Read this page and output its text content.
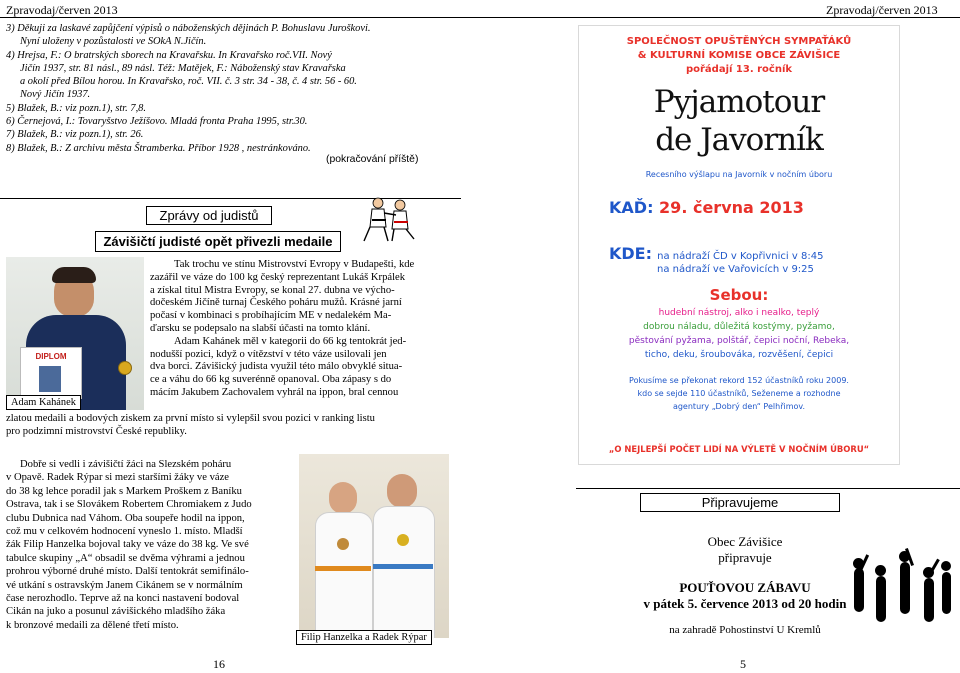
Zpravodaj/červen 2013	Zpravodaj/červen 2013
3) Děkuji za laskavé zapůjčení výpisů o náboženských dějinách P. Bohuslavu Juroškovi.
Nyní uloženy v pozůstalosti ve SOkA N.Jičín.
4) Hrejsa, F.: O bratrských sborech na Kravařsku. In Kravařsko roč.VII. Nový
Jičín 1937, str. 81 násl., 89 násl. Též: Matějek, F.: Náboženský stav Kravařska
a okolí před Bílou horou. In Kravařsko, roč. VII. č. 3 str. 34 - 38, č. 4 str. 56 - 60.
Nový Jičín 1937.
5) Blažek, B.: viz pozn.1), str. 7,8.
6) Černejová, I.: Tovaryšstvo Ježíšovo. Mladá fronta Praha 1995, str.30.
7) Blažek, B.: viz pozn.1), str. 26.
8) Blažek, B.: Z archivu města Štramberka. Příbor 1928 , nestránkováno.
(pokračování příště)
Zprávy od judistů
Závišičtí judisté opět přivezli medaile
DIPLOM
Adam Kahánek
Tak trochu ve stínu Mistrovství Evropy v Budapešti, kde
zazářil ve váze do 100 kg český reprezentant Lukáš Krpálek
a získal titul Mistra Evropy, se konal 27. dubna ve výcho-
dočeském Jičíně turnaj Českého poháru mužů. Krásné jarní
počasí v kombinaci s probíhajícím ME v nedalekém Ma-
ďarsku se podepsalo na slabší účasti na tomto klání.
Adam Kahánek měl v kategorii do 66 kg tentokrát jed-
nodušší pozici, když o vítězství v této váze usilovali jen
dva borci. Závišický judista využil této málo obvyklé situa-
ce a váhu do 66 kg suverénně opanoval. Oba zápasy s do
mácím Jakubem Zachovalem vyhrál na ippon, bral cennou
zlatou medaili a bodových ziskem za první místo si vylepšil svou pozici v ranking listu
pro podzimní mistrovství České republiky.
Dobře si vedli i závišičtí žáci na Slezském poháru
v Opavě. Radek Rýpar si mezi staršími žáky ve váze
do 38 kg lehce poradil jak s Markem Proškem z Baníku
Ostrava, tak i se Slovákem Robertem Chromiakem z Judo
clubu Dubnica nad Váhom. Oba soupeře hodil na ippon,
což mu v celkovém hodnocení vyneslo 1. místo. Mladší
žák Filip Hanzelka bojoval taky ve váze do 38 kg. Ve své
tabulce skupiny „A“ obsadil se dvěma výhrami a jednou
prohrou výborné druhé místo. Další tentokrát semifinálo-
vé utkání s ostravským Janem Cikánem se v normálním
čase nerozhodlo. Teprve až na konci nastavení bodoval
Cikán na juko a posunul závišického mladšího žáka
k bronzové medaili za dělené třetí místo.
Filip Hanzelka a Radek Rýpar
16	5
SPOLEČNOST OPUŠTĚNÝCH SYMPAŤÁKŮ
& KULTURNÍ KOMISE OBCE ZÁVIŠICE
pořádají 13. ročník
Pyjamotour
de Javorník
Recesního výšlapu na Javorník v nočním úboru
KAĎ: 29. června 2013
KDE: na nádraží ČD v Kopřivnici v 8:45
na nádraží ve Vařovicích v 9:25
Sebou:
hudební nástroj, alko i nealko, teplý
dobrou náladu, důležitá kostýmy, pyžamo,
pěstování pyžama, polštář, čepici noční, Rebeka,
ticho, deku, šroubováka, rozvěšení, čepici
Pokusíme se překonat rekord 152 účastníků roku 2009.
kdo se sejde 110 účastníků, Seženeme a rozhodne
agentury „Dobrý den“ Pelhřimov.
„O NEJLEPŠÍ POČET LIDÍ NA VÝLETĚ V NOČNÍM ÚBORU“
Připravujeme
Obec Závišice
připravuje
POUŤOVOU ZÁBAVU
v pátek 5. července 2013 od 20 hodin
na zahradě Pohostinství U Kremlů
